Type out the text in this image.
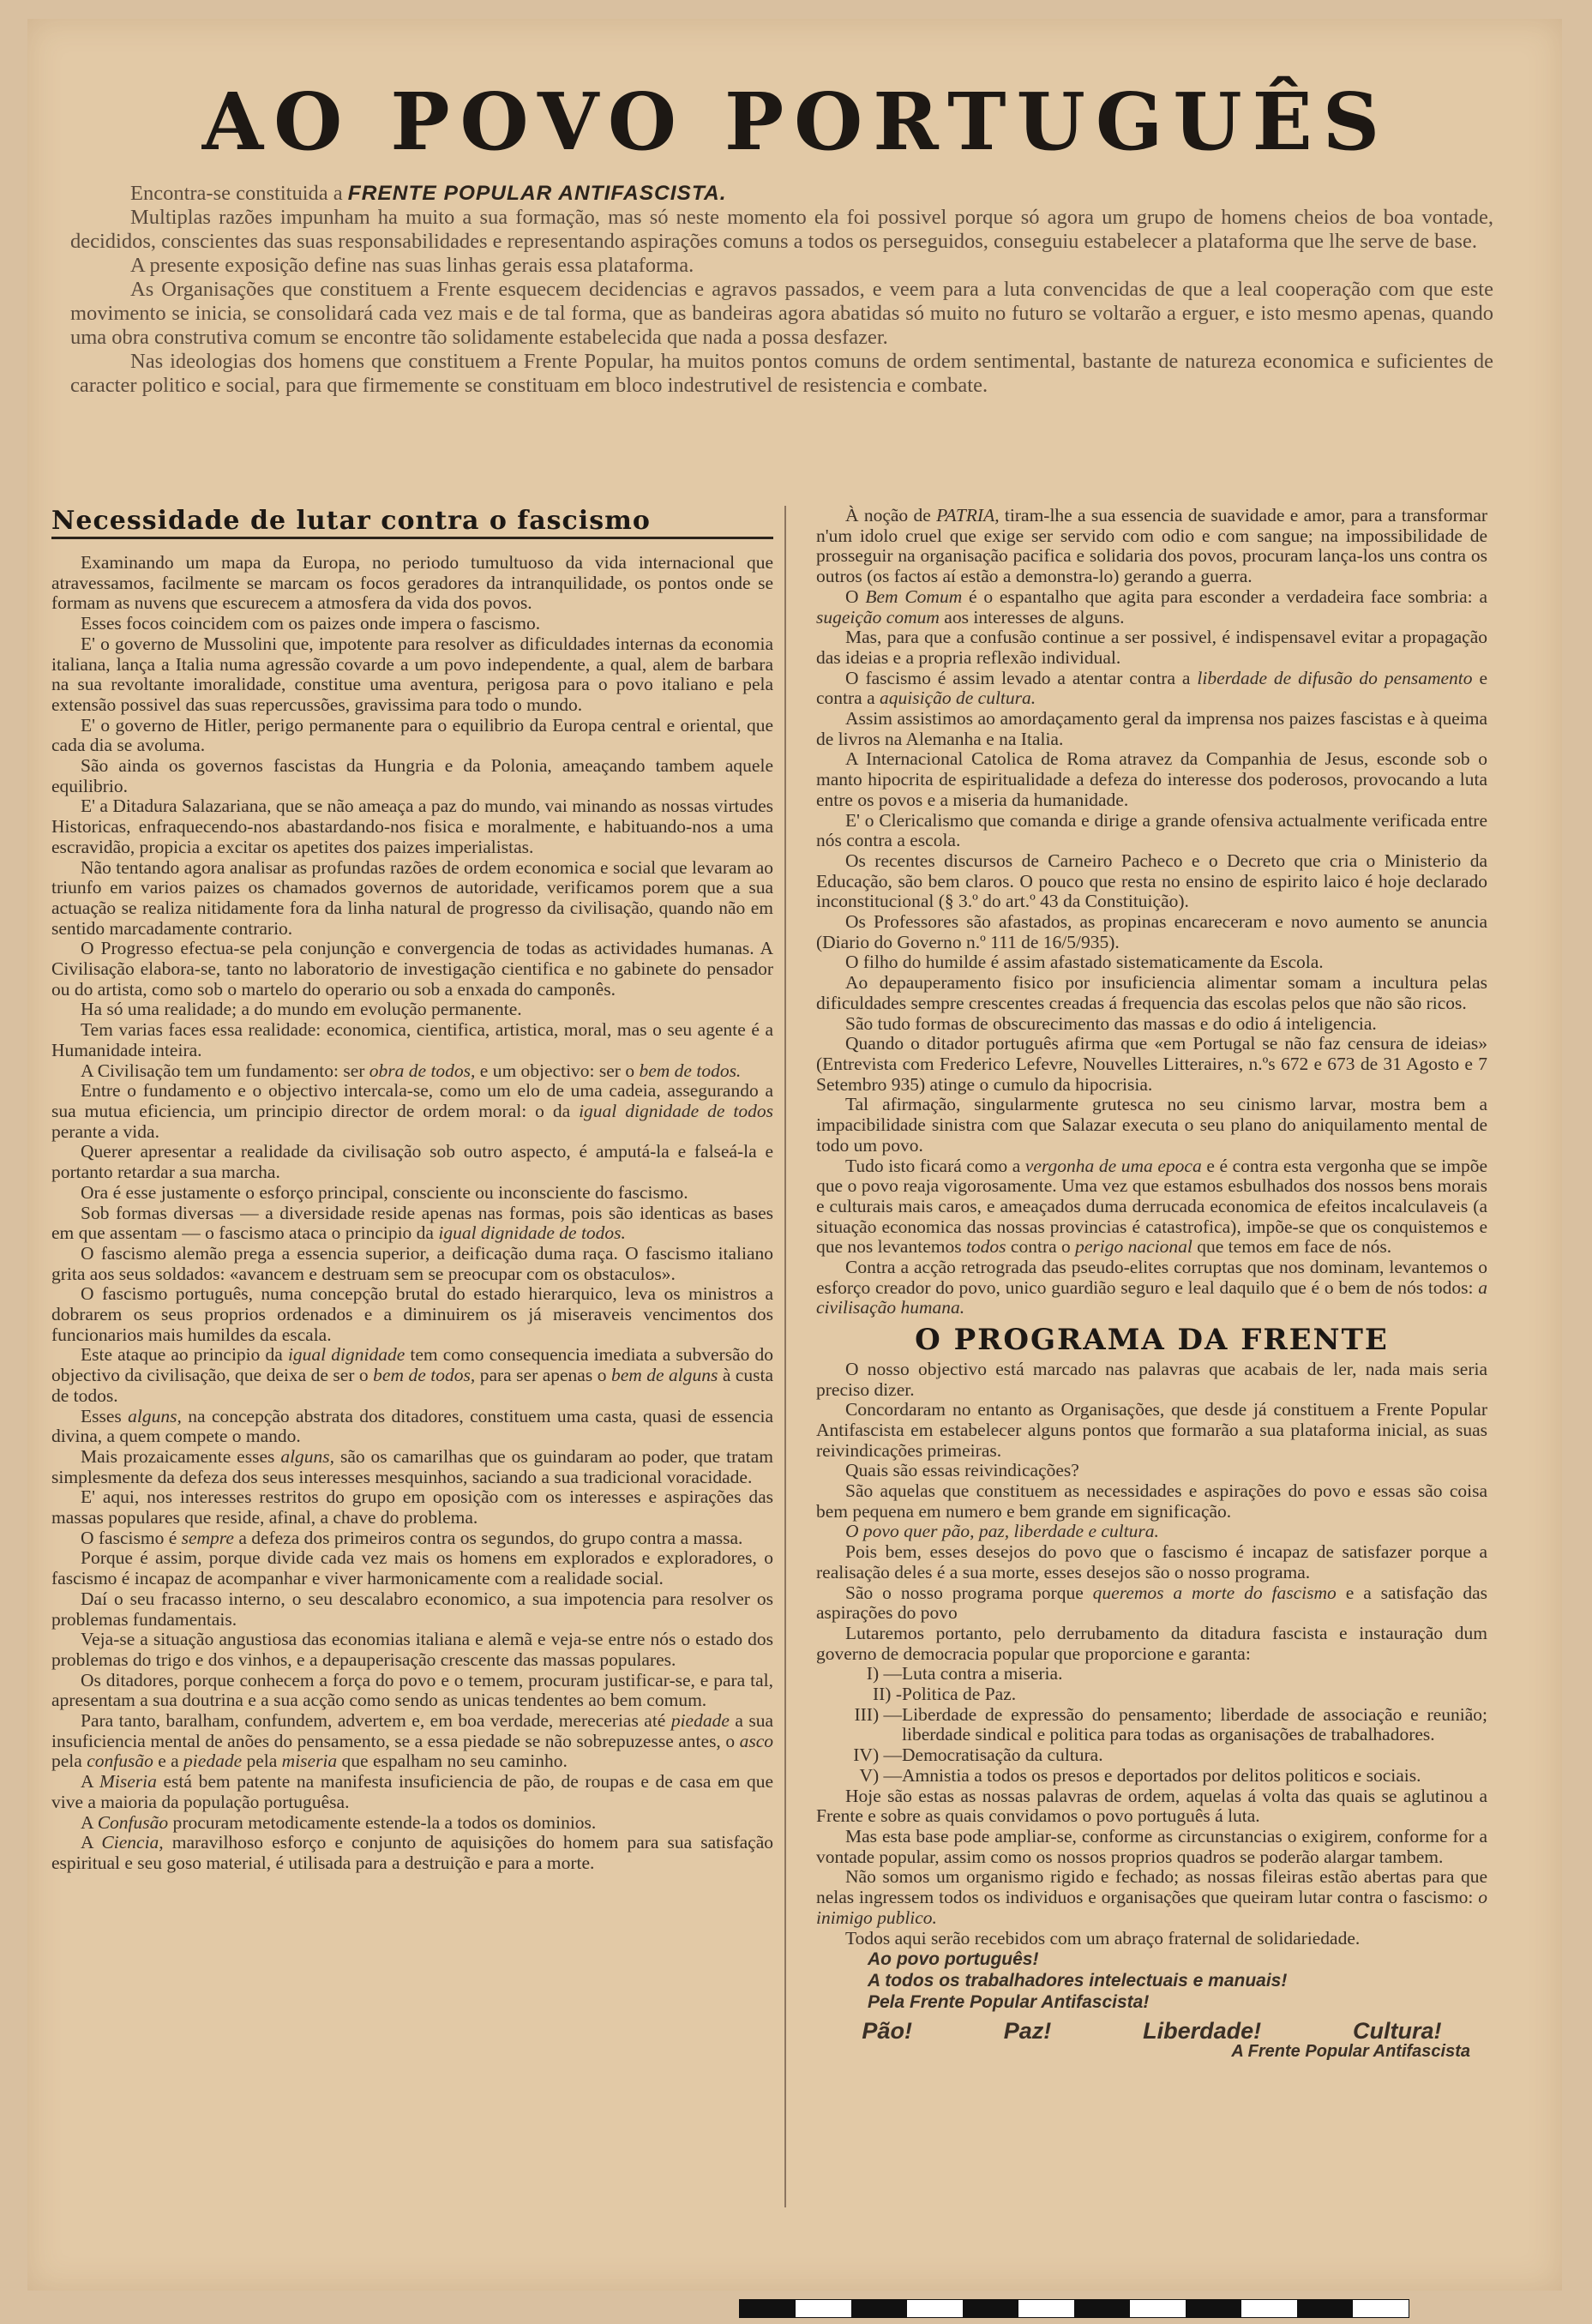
AO POVO PORTUGUÊS

Encontra-se constituida a FRENTE POPULAR ANTIFASCISTA.

Multiplas razões impunham ha muito a sua formação, mas só neste momento ela foi possivel porque só agora um grupo de homens cheios de boa vontade, decididos, conscientes das suas responsabilidades e representando aspirações comuns a todos os perseguidos, conseguiu estabelecer a plataforma que lhe serve de base.

A presente exposição define nas suas linhas gerais essa plataforma.

As Organisações que constituem a Frente esquecem decidencias e agravos passados, e veem para a luta convencidas de que a leal cooperação com que este movimento se inicia, se consolidará cada vez mais e de tal forma, que as bandeiras agora abatidas só muito no futuro se voltarão a erguer, e isto mesmo apenas, quando uma obra construtiva comum se encontre tão solidamente estabelecida que nada a possa desfazer.

Nas ideologias dos homens que constituem a Frente Popular, ha muitos pontos comuns de ordem sentimental, bastante de natureza economica e suficientes de caracter politico e social, para que firmemente se constituam em bloco indestrutivel de resistencia e combate.

Necessidade de lutar contra o fascismo

Examinando um mapa da Europa, no periodo tumultuoso da vida internacional que atravessamos, facilmente se marcam os focos geradores da intranquilidade, os pontos onde se formam as nuvens que escurecem a atmosfera da vida dos povos.

Esses focos coincidem com os paizes onde impera o fascismo.

E' o governo de Mussolini que, impotente para resolver as dificuldades internas da economia italiana, lança a Italia numa agressão covarde a um povo independente, a qual, alem de barbara na sua revoltante imoralidade, constitue uma aventura, perigosa para o povo italiano e pela extensão possivel das suas repercussões, gravissima para todo o mundo.

E' o governo de Hitler, perigo permanente para o equilibrio da Europa central e oriental, que cada dia se avoluma.

São ainda os governos fascistas da Hungria e da Polonia, ameaçando tambem aquele equilibrio.

E' a Ditadura Salazariana, que se não ameaça a paz do mundo, vai minando as nossas virtudes Historicas, enfraquecendo-nos abastardando-nos fisica e moralmente, e habituando-nos a uma escravidão, propicia a excitar os apetites dos paizes imperialistas.

Não tentando agora analisar as profundas razões de ordem economica e social que levaram ao triunfo em varios paizes os chamados governos de autoridade, verificamos porem que a sua actuação se realiza nitidamente fora da linha natural de progresso da civilisação, quando não em sentido marcadamente contrario.

O Progresso efectua-se pela conjunção e convergencia de todas as actividades humanas. A Civilisação elabora-se, tanto no laboratorio de investigação cientifica e no gabinete do pensador ou do artista, como sob o martelo do operario ou sob a enxada do camponês.

Ha só uma realidade; a do mundo em evolução permanente.

Tem varias faces essa realidade: economica, cientifica, artistica, moral, mas o seu agente é a Humanidade inteira.

A Civilisação tem um fundamento: ser obra de todos, e um objectivo: ser o bem de todos.

Entre o fundamento e o objectivo intercala-se, como um elo de uma cadeia, assegurando a sua mutua eficiencia, um principio director de ordem moral: o da igual dignidade de todos perante a vida.

Querer apresentar a realidade da civilisação sob outro aspecto, é amputá-la e falseá-la e portanto retardar a sua marcha.

Ora é esse justamente o esforço principal, consciente ou inconsciente do fascismo.

Sob formas diversas — a diversidade reside apenas nas formas, pois são identicas as bases em que assentam — o fascismo ataca o principio da igual dignidade de todos.

O fascismo alemão prega a essencia superior, a deificação duma raça. O fascismo italiano grita aos seus soldados: «avancem e destruam sem se preocupar com os obstaculos».

O fascismo português, numa concepção brutal do estado hierarquico, leva os ministros a dobrarem os seus proprios ordenados e a diminuirem os já miseraveis vencimentos dos funcionarios mais humildes da escala.

Este ataque ao principio da igual dignidade tem como consequencia imediata a subversão do objectivo da civilisação, que deixa de ser o bem de todos, para ser apenas o bem de alguns à custa de todos.

Esses alguns, na concepção abstrata dos ditadores, constituem uma casta, quasi de essencia divina, a quem compete o mando.

Mais prozaicamente esses alguns, são os camarilhas que os guindaram ao poder, que tratam simplesmente da defeza dos seus interesses mesquinhos, saciando a sua tradicional voracidade.

E' aqui, nos interesses restritos do grupo em oposição com os interesses e aspirações das massas populares que reside, afinal, a chave do problema.

O fascismo é sempre a defeza dos primeiros contra os segundos, do grupo contra a massa.

Porque é assim, porque divide cada vez mais os homens em explorados e exploradores, o fascismo é incapaz de acompanhar e viver harmonicamente com a realidade social.

Daí o seu fracasso interno, o seu descalabro economico, a sua impotencia para resolver os problemas fundamentais.

Veja-se a situação angustiosa das economias italiana e alemã e veja-se entre nós o estado dos problemas do trigo e dos vinhos, e a depauperisação crescente das massas populares.

Os ditadores, porque conhecem a força do povo e o temem, procuram justificar-se, e para tal, apresentam a sua doutrina e a sua acção como sendo as unicas tendentes ao bem comum.

Para tanto, baralham, confundem, advertem e, em boa verdade, merecerias até piedade a sua insuficiencia mental de anões do pensamento, se a essa piedade se não sobrepuzesse antes, o asco pela confusão e a piedade pela miseria que espalham no seu caminho.

A Miseria está bem patente na manifesta insuficiencia de pão, de roupas e de casa em que vive a maioria da população portuguêsa.

A Confusão procuram metodicamente estende-la a todos os dominios.

A Ciencia, maravilhoso esforço e conjunto de aquisições do homem para sua satisfação espiritual e seu goso material, é utilisada para a destruição e para a morte.

À noção de PATRIA, tiram-lhe a sua essencia de suavidade e amor, para a transformar n'um idolo cruel que exige ser servido com odio e com sangue; na impossibilidade de prosseguir na organisação pacifica e solidaria dos povos, procuram lança-los uns contra os outros (os factos aí estão a demonstra-lo) gerando a guerra.

O Bem Comum é o espantalho que agita para esconder a verdadeira face sombria: a sugeição comum aos interesses de alguns.

Mas, para que a confusão continue a ser possivel, é indispensavel evitar a propagação das ideias e a propria reflexão individual.

O fascismo é assim levado a atentar contra a liberdade de difusão do pensamento e contra a aquisição de cultura.

Assim assistimos ao amordaçamento geral da imprensa nos paizes fascistas e à queima de livros na Alemanha e na Italia.

A Internacional Catolica de Roma atravez da Companhia de Jesus, esconde sob o manto hipocrita de espiritualidade a defeza do interesse dos poderosos, provocando a luta entre os povos e a miseria da humanidade.

E' o Clericalismo que comanda e dirige a grande ofensiva actualmente verificada entre nós contra a escola.

Os recentes discursos de Carneiro Pacheco e o Decreto que cria o Ministerio da Educação, são bem claros. O pouco que resta no ensino de espirito laico é hoje declarado inconstitucional (§ 3.º do art.º 43 da Constituição).

Os Professores são afastados, as propinas encareceram e novo aumento se anuncia (Diario do Governo n.º 111 de 16/5/935).

O filho do humilde é assim afastado sistematicamente da Escola.

Ao depauperamento fisico por insuficiencia alimentar somam a incultura pelas dificuldades sempre crescentes creadas á frequencia das escolas pelos que não são ricos.

São tudo formas de obscurecimento das massas e do odio á inteligencia.

Quando o ditador português afirma que «em Portugal se não faz censura de ideias» (Entrevista com Frederico Lefevre, Nouvelles Litteraires, n.ºs 672 e 673 de 31 Agosto e 7 Setembro 935) atinge o cumulo da hipocrisia.

Tal afirmação, singularmente grutesca no seu cinismo larvar, mostra bem a impacibilidade sinistra com que Salazar executa o seu plano do aniquilamento mental de todo um povo.

Tudo isto ficará como a vergonha de uma epoca e é contra esta vergonha que se impõe que o povo reaja vigorosamente. Uma vez que estamos esbulhados dos nossos bens morais e culturais mais caros, e ameaçados duma derrucada economica de efeitos incalculaveis (a situação economica das nossas provincias é catastrofica), impõe-se que os conquistemos e que nos levantemos todos contra o perigo nacional que temos em face de nós.

Contra a acção retrograda das pseudo-elites corruptas que nos dominam, levantemos o esforço creador do povo, unico guardião seguro e leal daquilo que é o bem de nós todos: a civilisação humana.

O PROGRAMA DA FRENTE

O nosso objectivo está marcado nas palavras que acabais de ler, nada mais seria preciso dizer.

Concordaram no entanto as Organisações, que desde já constituem a Frente Popular Antifascista em estabelecer alguns pontos que formarão a sua plataforma inicial, as suas reivindicações primeiras.

Quais são essas reivindicações?

São aquelas que constituem as necessidades e aspirações do povo e essas são coisa bem pequena em numero e bem grande em significação.

O povo quer pão, paz, liberdade e cultura.

Pois bem, esses desejos do povo que o fascismo é incapaz de satisfazer porque a realisação deles é a sua morte, esses desejos são o nosso programa.

São o nosso programa porque queremos a morte do fascismo e a satisfação das aspirações do povo

Lutaremos portanto, pelo derrubamento da ditadura fascista e instauração dum governo de democracia popular que proporcione e garanta:

I) — Luta contra a miseria.
II) - Politica de Paz.
III) — Liberdade de expressão do pensamento; liberdade de associação e reunião; liberdade sindical e politica para todas as organisações de trabalhadores.
IV) — Democratisação da cultura.
V) — Amnistia a todos os presos e deportados por delitos politicos e sociais.

Hoje são estas as nossas palavras de ordem, aquelas á volta das quais se aglutinou a Frente e sobre as quais convidamos o povo português á luta.

Mas esta base pode ampliar-se, conforme as circunstancias o exigirem, conforme for a vontade popular, assim como os nossos proprios quadros se poderão alargar tambem.

Não somos um organismo rigido e fechado; as nossas fileiras estão abertas para que nelas ingressem todos os individuos e organisações que queiram lutar contra o fascismo: o inimigo publico.

Todos aqui serão recebidos com um abraço fraternal de solidariedade.

Ao povo português!
A todos os trabalhadores intelectuais e manuais!
Pela Frente Popular Antifascista!
Pão!	Paz!	Liberdade!	Cultura!
A Frente Popular Antifascista
